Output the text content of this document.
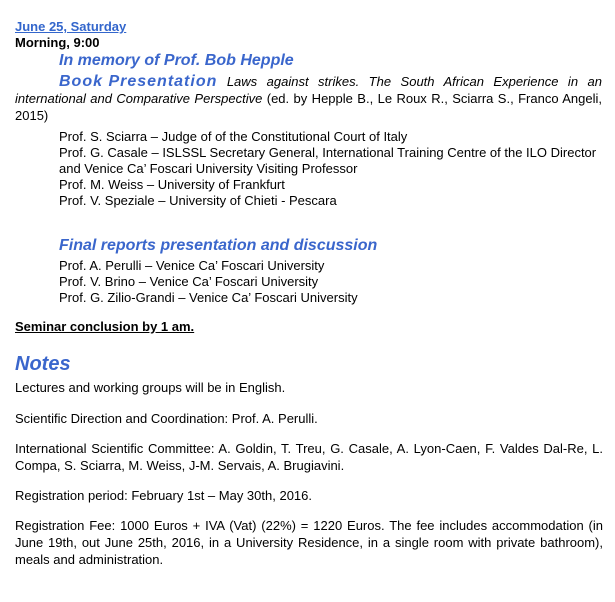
June 25, Saturday
Morning, 9:00
In memory of Prof. Bob Hepple
Book Presentation Laws against strikes. The South African Experience in an international and Comparative Perspective (ed. by Hepple B., Le Roux R., Sciarra S., Franco Angeli, 2015)
Prof. S. Sciarra – Judge of of the Constitutional Court of Italy
Prof. G. Casale – ISLSSL Secretary General, International Training Centre of the ILO Director and Venice Ca’ Foscari University Visiting Professor
Prof. M. Weiss – University of Frankfurt
Prof. V. Speziale – University of Chieti - Pescara
Final reports presentation and discussion
Prof. A. Perulli – Venice Ca’ Foscari University
Prof. V. Brino – Venice Ca’ Foscari University
Prof. G. Zilio-Grandi – Venice Ca’ Foscari University
Seminar conclusion by 1 am.
Notes
Lectures and working groups will be in English.
Scientific Direction and Coordination: Prof. A. Perulli.
International Scientific Committee: A. Goldin, T. Treu, G. Casale, A. Lyon-Caen, F. Valdes Dal-Re, L. Compa, S. Sciarra, M. Weiss, J-M. Servais, A. Brugiavini.
Registration period: February 1st – May 30th, 2016.
Registration Fee: 1000 Euros + IVA (Vat) (22%) = 1220 Euros. The fee includes accommodation (in June 19th, out June 25th, 2016, in a University Residence, in a single room with private bathroom), meals and administration.
